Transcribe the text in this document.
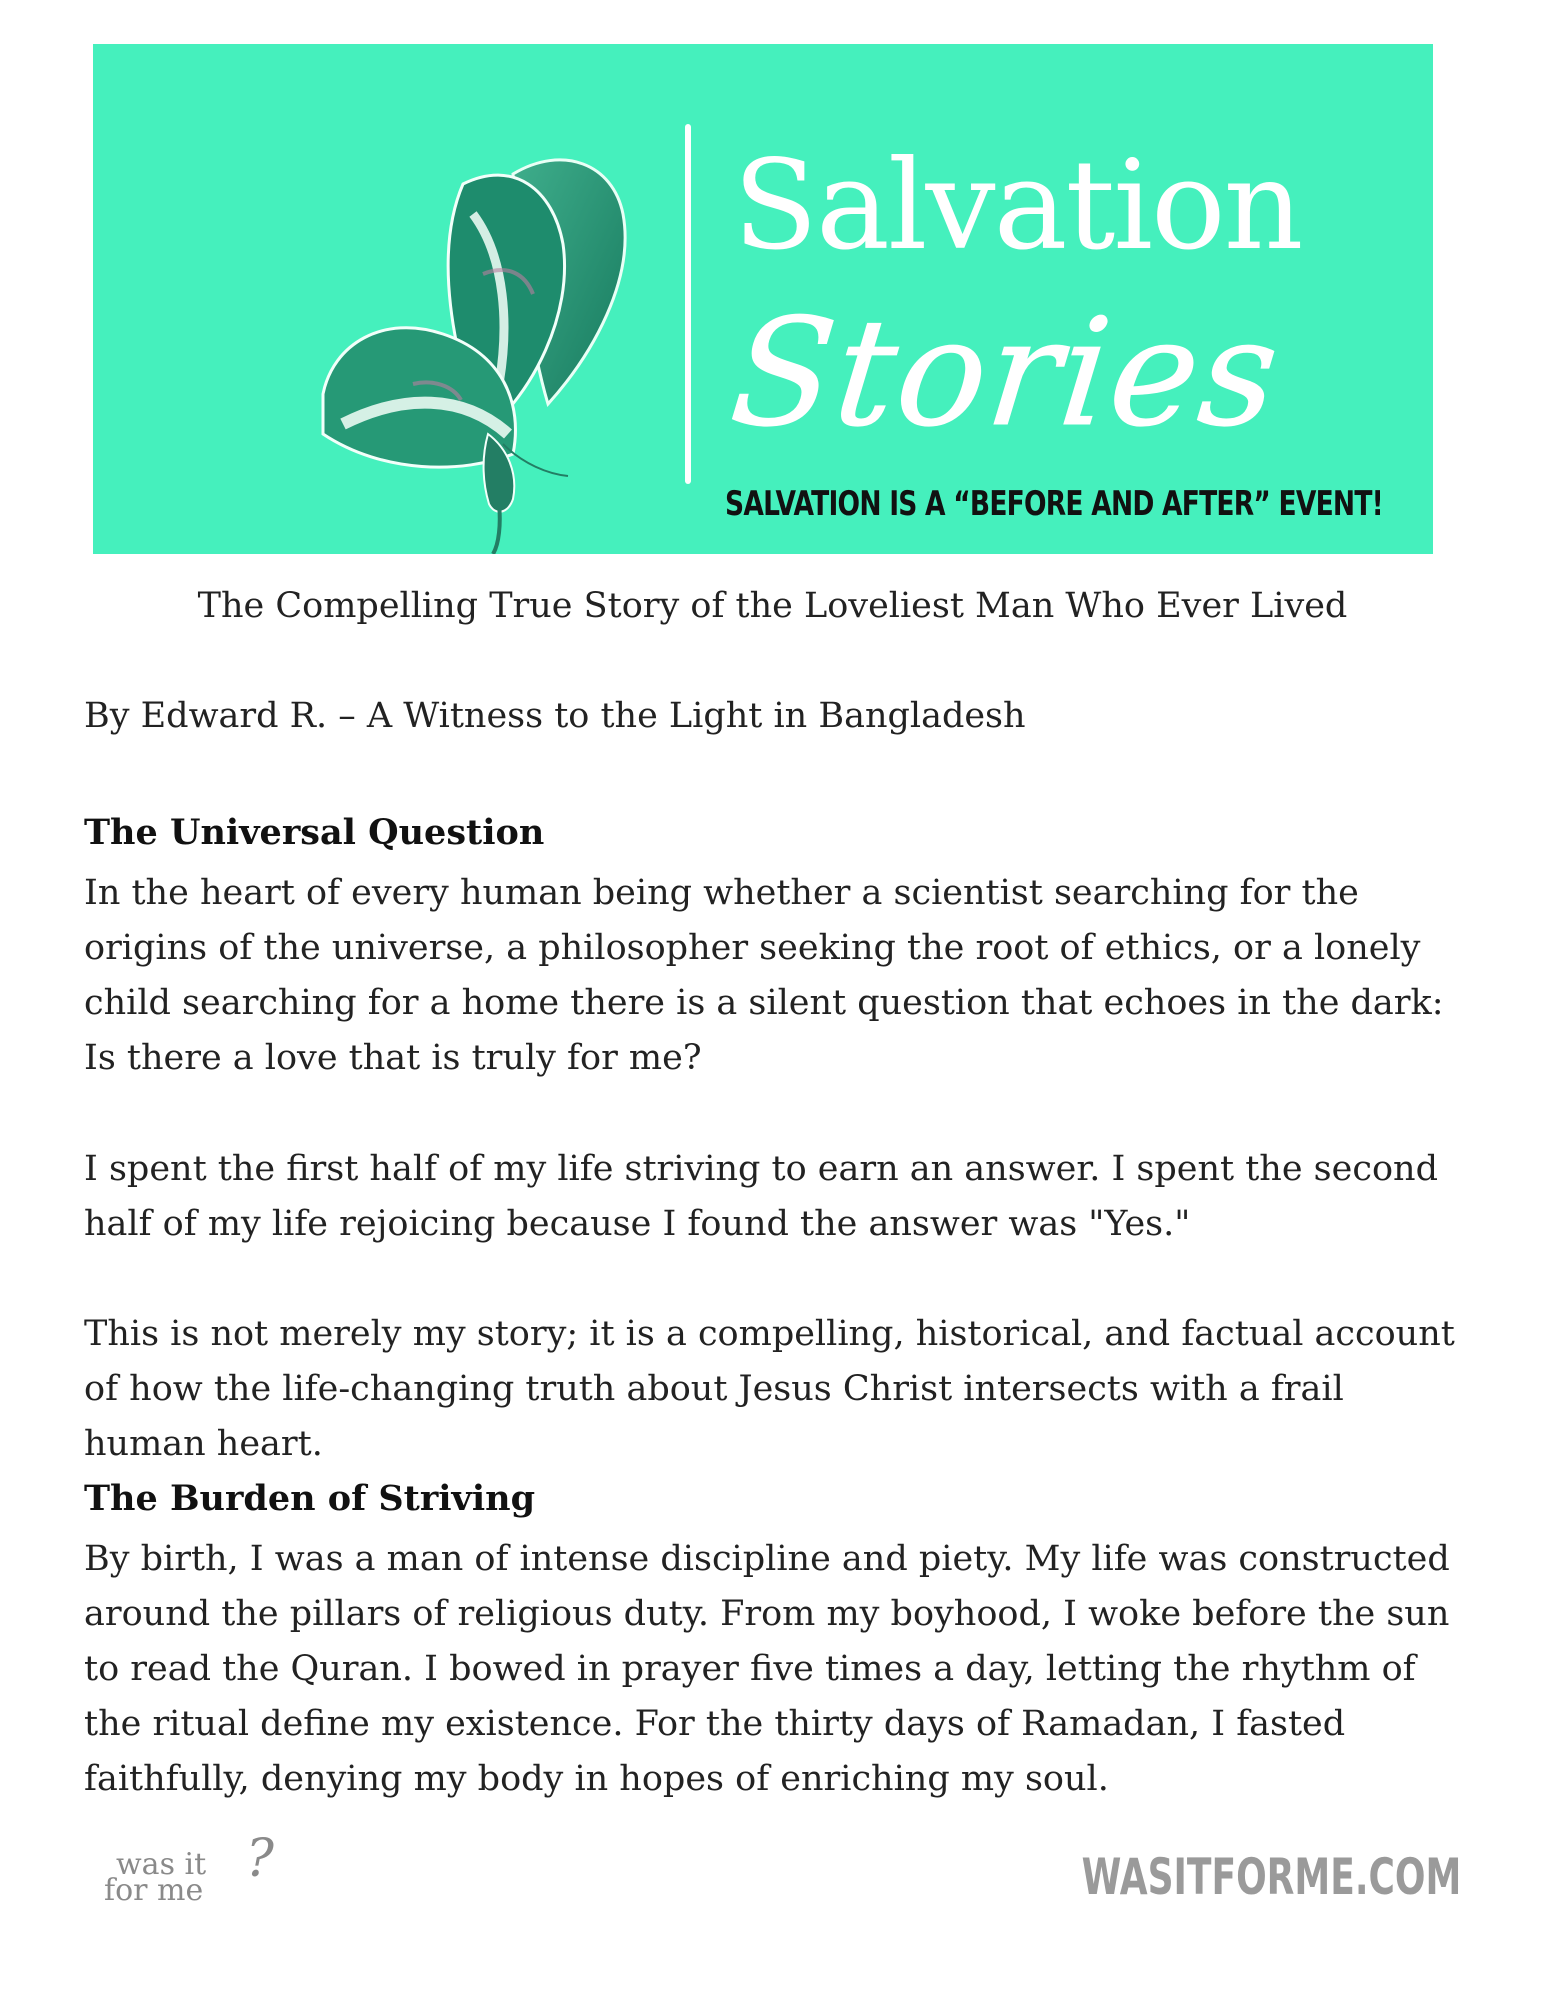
Salvation
Stories
SALVATION IS A “BEFORE AND AFTER” EVENT!
The Compelling True Story of the Loveliest Man Who Ever Lived
By Edward R. – A Witness to the Light in Bangladesh
The Universal Question
In the heart of every human being whether a scientist searching for the origins of the universe, a philosopher seeking the root of ethics, or a lonely child searching for a home there is a silent question that echoes in the dark: Is there a love that is truly for me?
I spent the first half of my life striving to earn an answer. I spent the second half of my life rejoicing because I found the answer was "Yes."
This is not merely my story; it is a compelling, historical, and factual account of how the life-changing truth about Jesus Christ intersects with a frail human heart.
The Burden of Striving
By birth, I was a man of intense discipline and piety. My life was constructed around the pillars of religious duty. From my boyhood, I woke before the sun to read the Quran. I bowed in prayer five times a day, letting the rhythm of the ritual define my existence. For the thirty days of Ramadan, I fasted faithfully, denying my body in hopes of enriching my soul.
was it
for me
?	WASITFORME.COM
